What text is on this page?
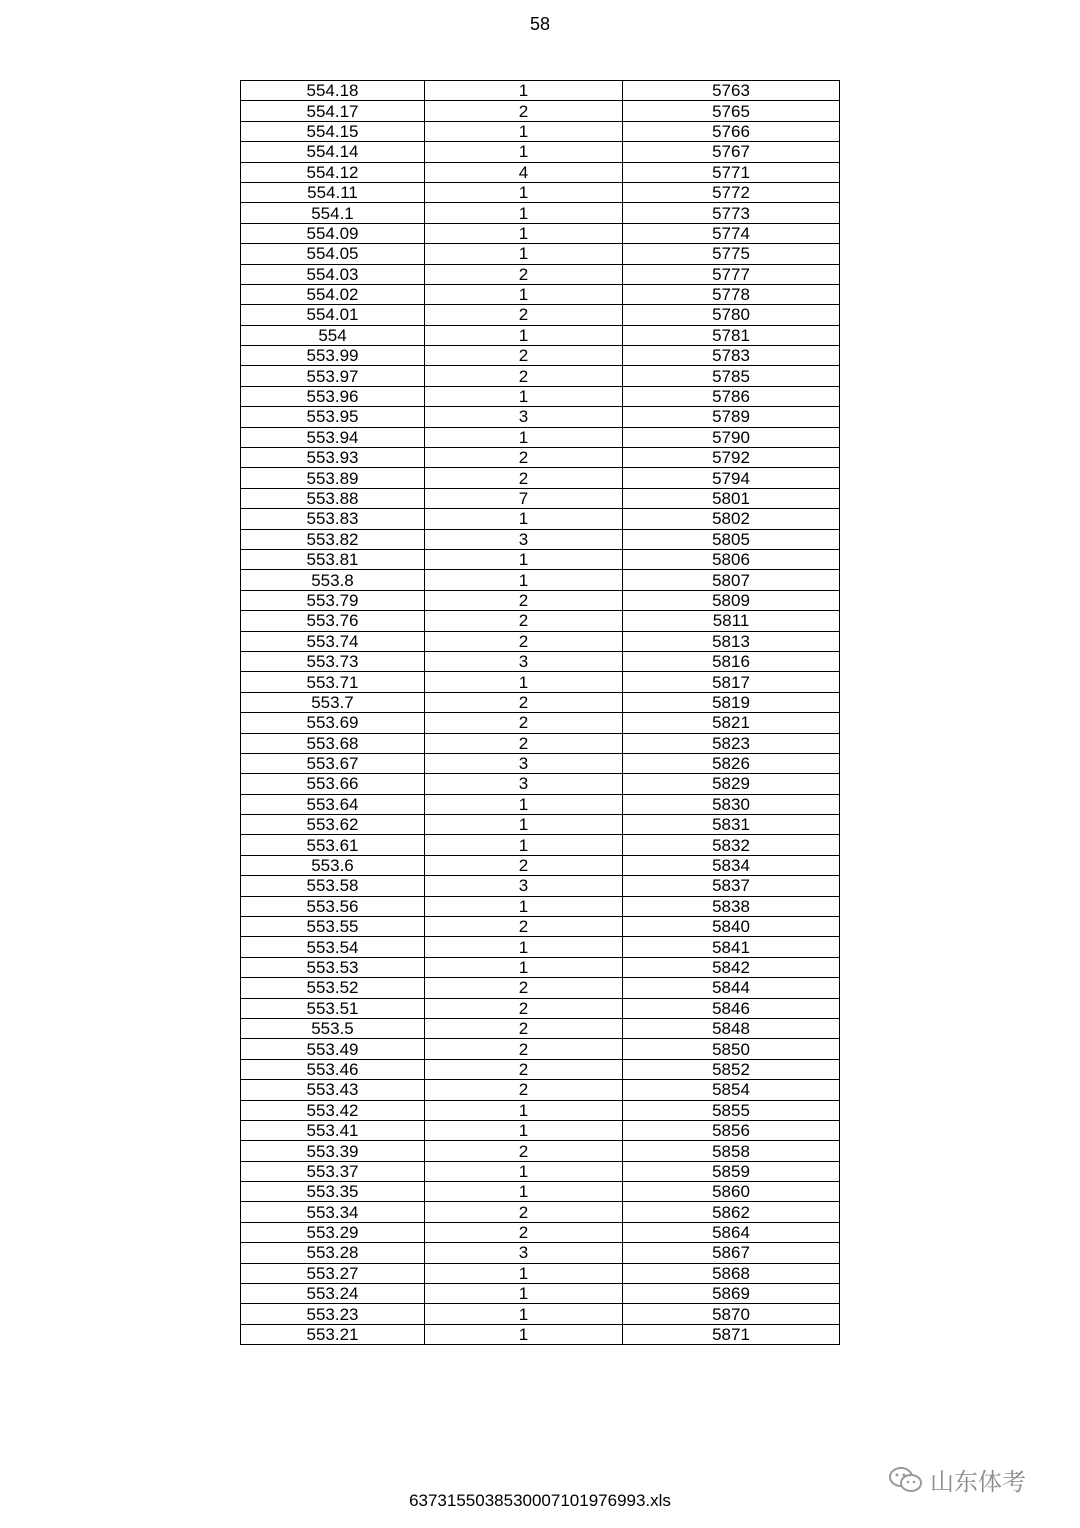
58
554.18	1	5763
554.17	2	5765
554.15	1	5766
554.14	1	5767
554.12	4	5771
554.11	1	5772
554.1	1	5773
554.09	1	5774
554.05	1	5775
554.03	2	5777
554.02	1	5778
554.01	2	5780
554	1	5781
553.99	2	5783
553.97	2	5785
553.96	1	5786
553.95	3	5789
553.94	1	5790
553.93	2	5792
553.89	2	5794
553.88	7	5801
553.83	1	5802
553.82	3	5805
553.81	1	5806
553.8	1	5807
553.79	2	5809
553.76	2	5811
553.74	2	5813
553.73	3	5816
553.71	1	5817
553.7	2	5819
553.69	2	5821
553.68	2	5823
553.67	3	5826
553.66	3	5829
553.64	1	5830
553.62	1	5831
553.61	1	5832
553.6	2	5834
553.58	3	5837
553.56	1	5838
553.55	2	5840
553.54	1	5841
553.53	1	5842
553.52	2	5844
553.51	2	5846
553.5	2	5848
553.49	2	5850
553.46	2	5852
553.43	2	5854
553.42	1	5855
553.41	1	5856
553.39	2	5858
553.37	1	5859
553.35	1	5860
553.34	2	5862
553.29	2	5864
553.28	3	5867
553.27	1	5868
553.24	1	5869
553.23	1	5870
553.21	1	5871
637315503853000710197699​3.xls
山东体考
